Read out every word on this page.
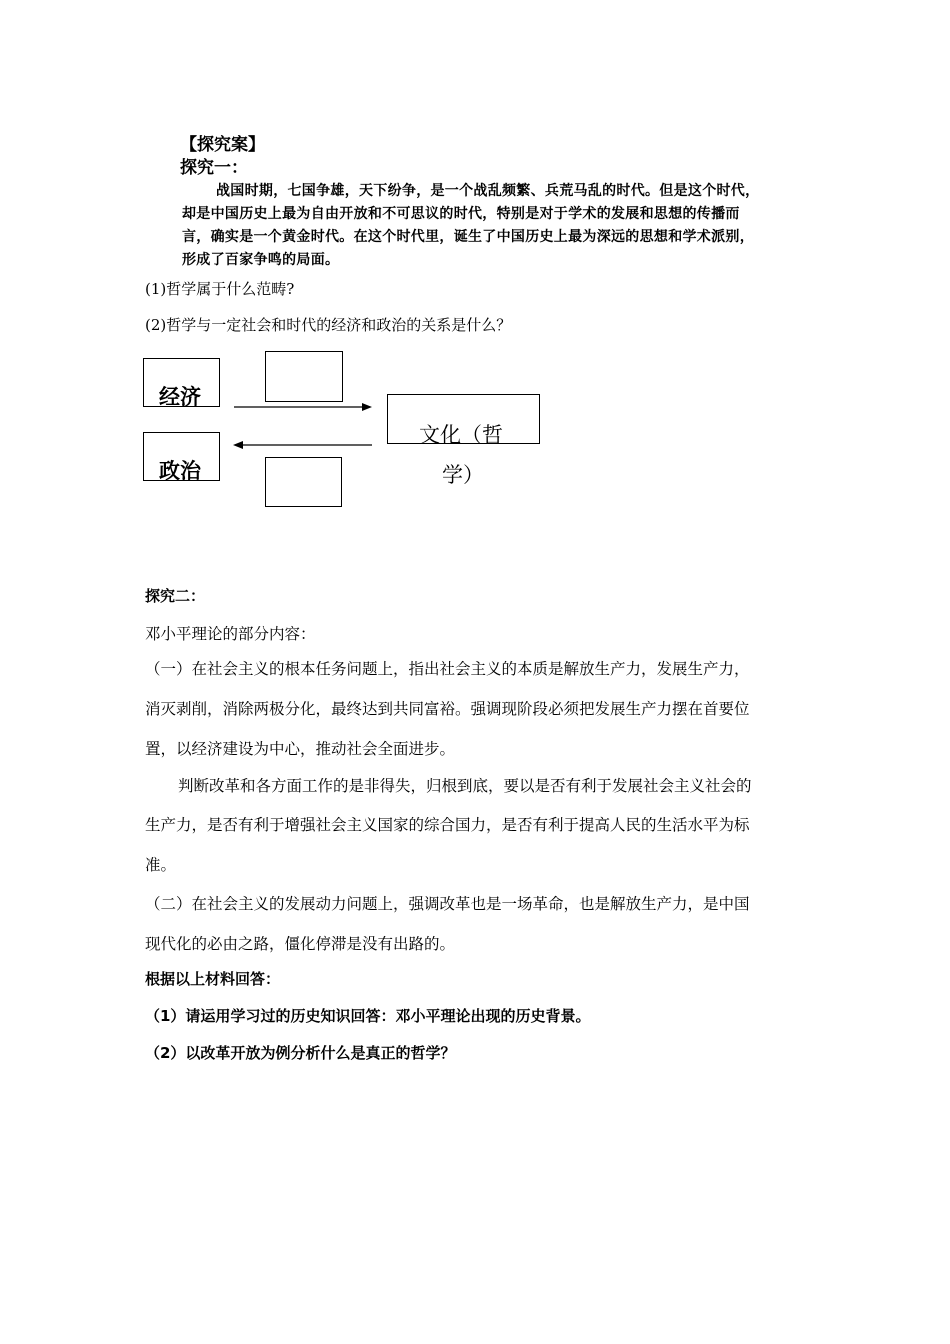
【探究案】
探究一：
战国时期，七国争雄，天下纷争，是一个战乱频繁、兵荒马乱的时代。但是这个时代，
却是中国历史上最为自由开放和不可思议的时代，特别是对于学术的发展和思想的传播而
言，确实是一个黄金时代。在这个时代里，诞生了中国历史上最为深远的思想和学术派别，
形成了百家争鸣的局面。
(1)哲学属于什么范畴?
(2)哲学与一定社会和时代的经济和政治的关系是什么？
经济
文化（哲
学）
政治
探究二：
邓小平理论的部分内容：
（一）在社会主义的根本任务问题上，指出社会主义的本质是解放生产力，发展生产力，
消灭剥削，消除两极分化，最终达到共同富裕。强调现阶段必须把发展生产力摆在首要位
置，以经济建设为中心，推动社会全面进步。
判断改革和各方面工作的是非得失，归根到底，要以是否有利于发展社会主义社会的
生产力，是否有利于增强社会主义国家的综合国力，是否有利于提高人民的生活水平为标
准。
（二）在社会主义的发展动力问题上，强调改革也是一场革命，也是解放生产力，是中国
现代化的必由之路，僵化停滞是没有出路的。
根据以上材料回答：
（1）请运用学习过的历史知识回答：邓小平理论出现的历史背景。
（2）以改革开放为例分析什么是真正的哲学？
